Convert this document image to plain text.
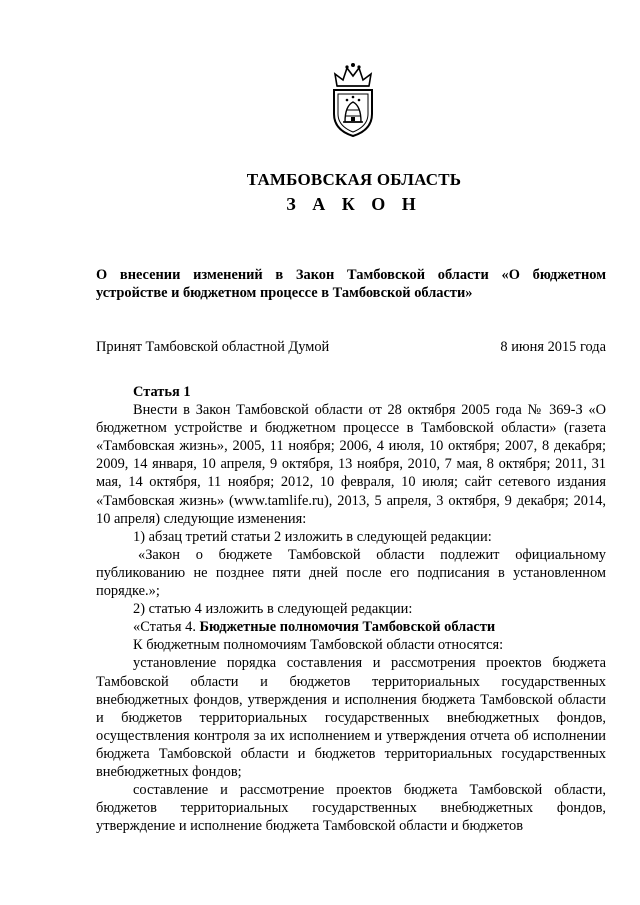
ТАМБОВСКАЯ ОБЛАСТЬ
З А К О Н
О внесении изменений в Закон Тамбовской области «О бюджетном устройстве и бюджетном процессе в Тамбовской области»
Принят Тамбовской областной Думой	8 июня 2015 года

Статья 1

Внести в Закон Тамбовской области от 28 октября 2005 года № 369-З «О бюджетном устройстве и бюджетном процессе в Тамбовской области» (газета «Тамбовская жизнь», 2005, 11 ноября; 2006, 4 июля, 10 октября; 2007, 8 декабря; 2009, 14 января, 10 апреля, 9 октября, 13 ноября, 2010, 7 мая, 8 октября; 2011, 31 мая, 14 октября, 11 ноября; 2012, 10 февраля, 10 июля; сайт сетевого издания «Тамбовская жизнь» (www.tamlife.ru), 2013, 5 апреля, 3 октября, 9 декабря; 2014, 10 апреля) следующие изменения:

1) абзац третий статьи 2 изложить в следующей редакции:

«Закон о бюджете Тамбовской области подлежит официальному публикованию не позднее пяти дней после его подписания в установленном порядке.»;

2) статью 4 изложить в следующей редакции:

«Статья 4. Бюджетные полномочия Тамбовской области

К бюджетным полномочиям Тамбовской области относятся:

установление порядка составления и рассмотрения проектов бюджета Тамбовской области и бюджетов территориальных государственных внебюджетных фондов, утверждения и исполнения бюджета Тамбовской области и бюджетов территориальных государственных внебюджетных фондов, осуществления контроля за их исполнением и утверждения отчета об исполнении бюджета Тамбовской области и бюджетов территориальных государственных внебюджетных фондов;

составление и рассмотрение проектов бюджета Тамбовской области, бюджетов территориальных государственных внебюджетных фондов, утверждение и исполнение бюджета Тамбовской области и бюджетов
